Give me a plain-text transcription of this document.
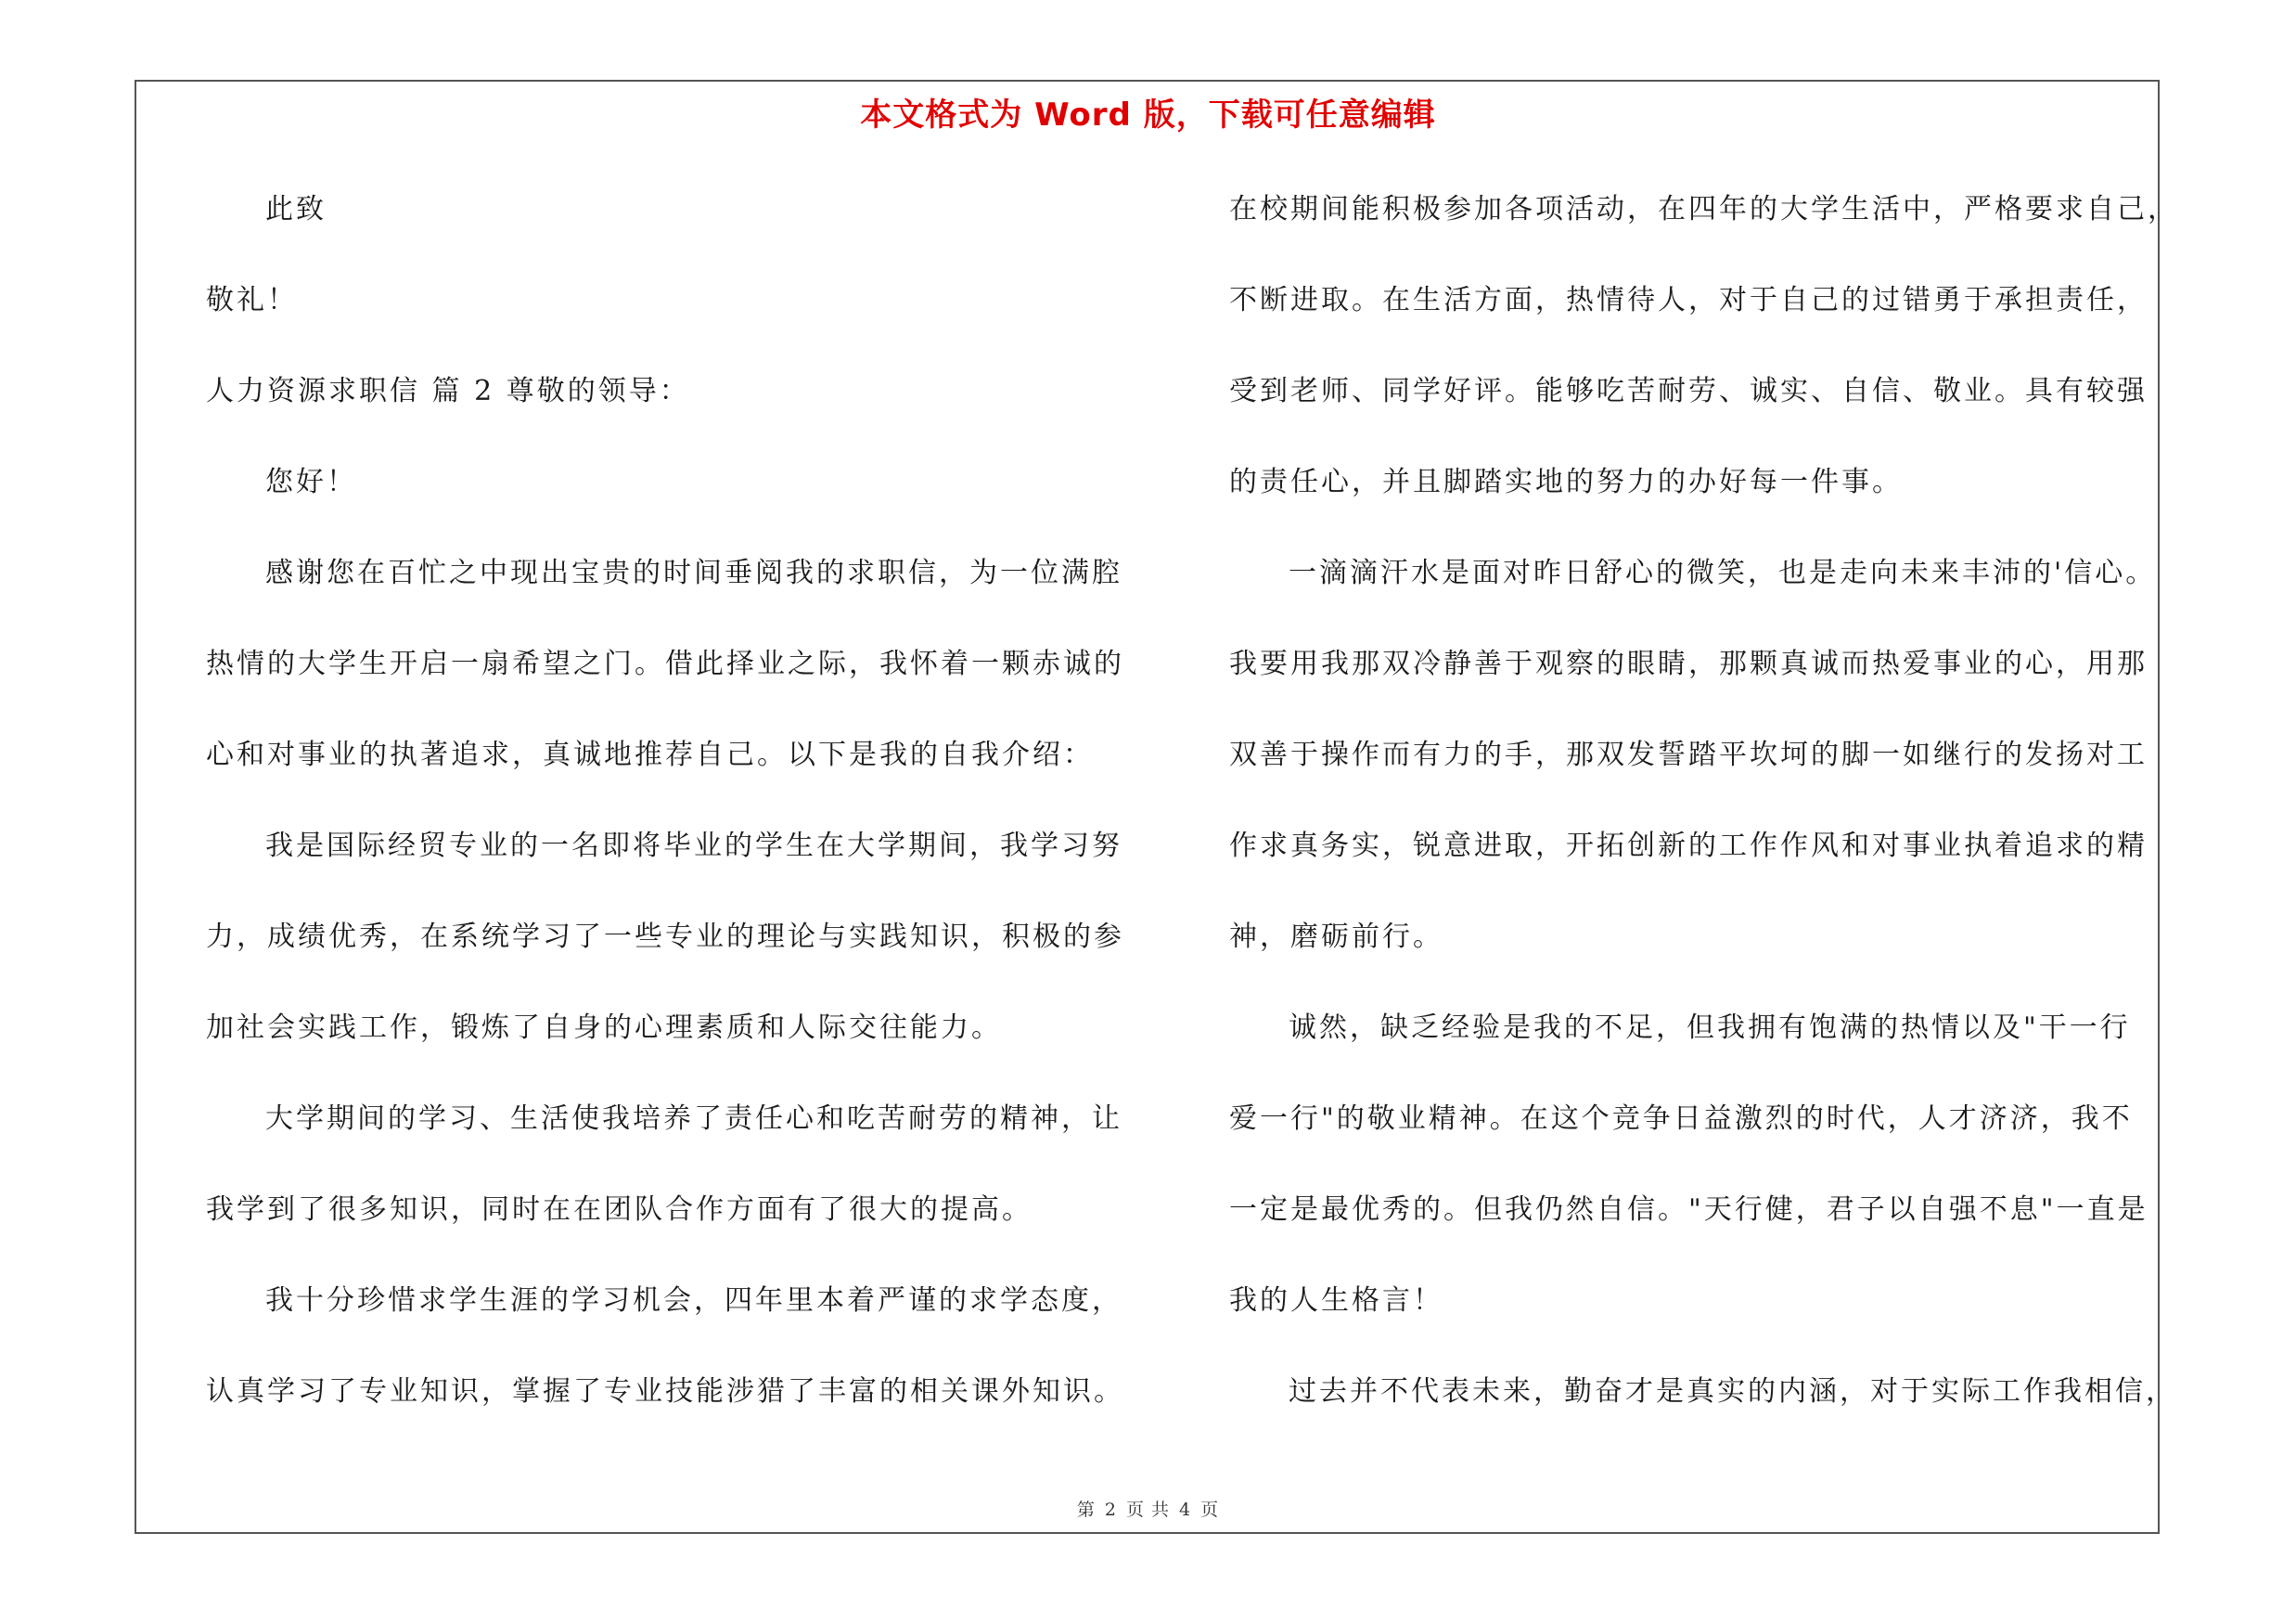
本文格式为 Word 版，下载可任意编辑
此致
敬礼！
人力资源求职信 篇 2 尊敬的领导：
您好！
感谢您在百忙之中现出宝贵的时间垂阅我的求职信，为一位满腔
热情的大学生开启一扇希望之门。借此择业之际，我怀着一颗赤诚的
心和对事业的执著追求，真诚地推荐自己。以下是我的自我介绍：
我是国际经贸专业的一名即将毕业的学生在大学期间，我学习努
力，成绩优秀，在系统学习了一些专业的理论与实践知识，积极的参
加社会实践工作，锻炼了自身的心理素质和人际交往能力。
大学期间的学习、生活使我培养了责任心和吃苦耐劳的精神，让
我学到了很多知识，同时在在团队合作方面有了很大的提高。
我十分珍惜求学生涯的学习机会，四年里本着严谨的求学态度，
认真学习了专业知识，掌握了专业技能涉猎了丰富的相关课外知识。
在校期间能积极参加各项活动，在四年的大学生活中，严格要求自己，
不断进取。在生活方面，热情待人，对于自己的过错勇于承担责任，
受到老师、同学好评。能够吃苦耐劳、诚实、自信、敬业。具有较强
的责任心，并且脚踏实地的努力的办好每一件事。
一滴滴汗水是面对昨日舒心的微笑，也是走向未来丰沛的'信心。
我要用我那双冷静善于观察的眼睛，那颗真诚而热爱事业的心，用那
双善于操作而有力的手，那双发誓踏平坎坷的脚一如继行的发扬对工
作求真务实，锐意进取，开拓创新的工作作风和对事业执着追求的精
神，磨砺前行。
诚然，缺乏经验是我的不足，但我拥有饱满的热情以及"干一行
爱一行"的敬业精神。在这个竞争日益激烈的时代，人才济济，我不
一定是最优秀的。但我仍然自信。"天行健，君子以自强不息"一直是
我的人生格言！
过去并不代表未来，勤奋才是真实的内涵，对于实际工作我相信，
第 2 页 共 4 页
